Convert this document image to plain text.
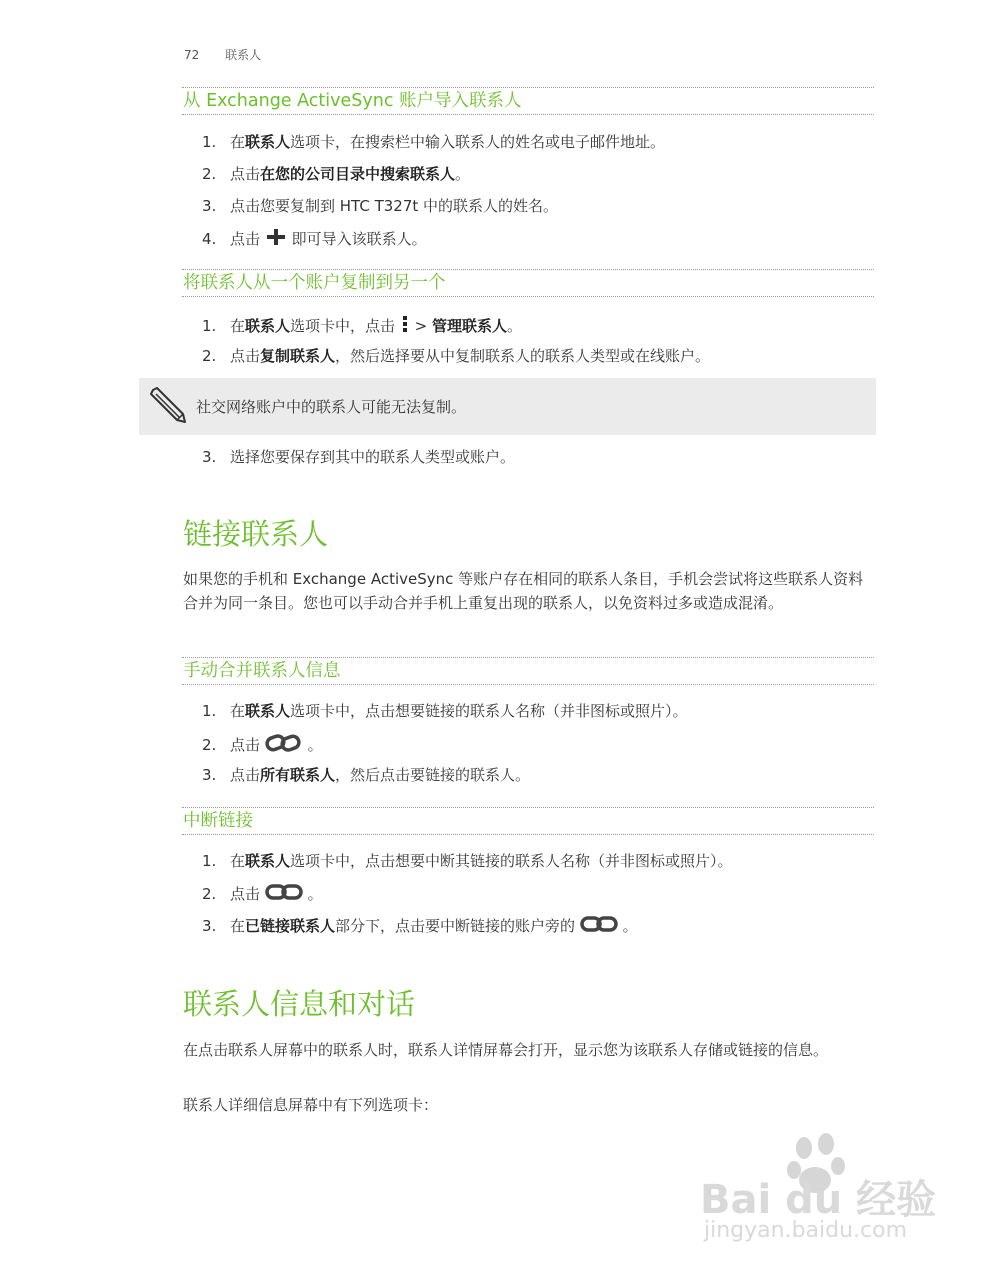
72 联系人
从 Exchange ActiveSync 账户导入联系人
1. 在联系人选项卡，在搜索栏中输入联系人的姓名或电子邮件地址。
2. 点击在您的公司目录中搜索联系人。
3. 点击您要复制到 HTC T327t 中的联系人的姓名。
4. 点击 即可导入该联系人。
将联系人从一个账户复制到另一个
1. 在联系人选项卡中，点击 > 管理联系人。
2. 点击复制联系人，然后选择要从中复制联系人的联系人类型或在线账户。
社交网络账户中的联系人可能无法复制。
3. 选择您要保存到其中的联系人类型或账户。
链接联系人
如果您的手机和 Exchange ActiveSync 等账户存在相同的联系人条目，手机会尝试将这些联系人资料合并为同一条目。您也可以手动合并手机上重复出现的联系人，以免资料过多或造成混淆。
手动合并联系人信息
1. 在联系人选项卡中，点击想要链接的联系人名称（并非图标或照片）。
2. 点击	。
3. 点击所有联系人，然后点击要链接的联系人。
中断链接
1. 在联系人选项卡中，点击想要中断其链接的联系人名称（并非图标或照片）。
2. 点击	。
3. 在已链接联系人部分下，点击要中断链接的账户旁的	。
联系人信息和对话
在点击联系人屏幕中的联系人时，联系人详情屏幕会打开，显示您为该联系人存储或链接的信息。
联系人详细信息屏幕中有下列选项卡：
Bai du 经验
jingyan.baidu.com
